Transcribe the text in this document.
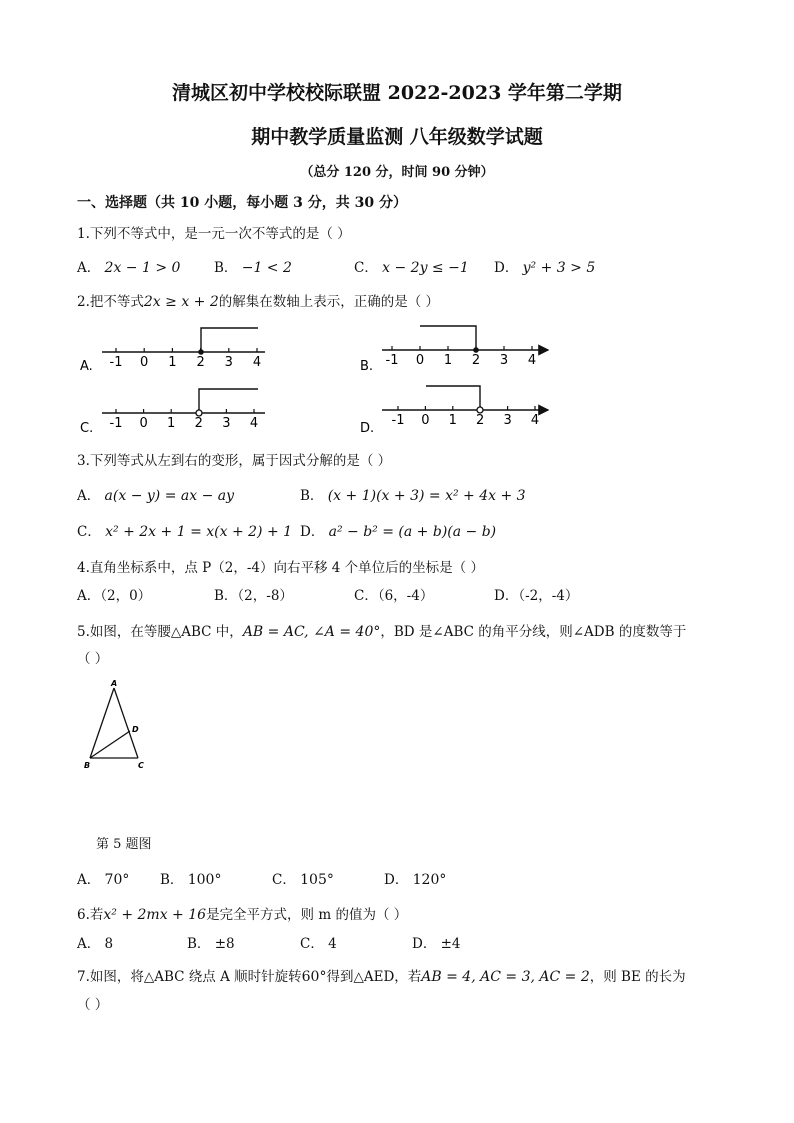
清城区初中学校校际联盟 2022-2023 学年第二学期
期中教学质量监测 八年级数学试题
（总分 120 分，时间 90 分钟）
一、选择题（共 10 小题，每小题 3 分，共 30 分）
1.下列不等式中，是一元一次不等式的是（ ）
A． 2x − 1 > 0 B． −1 < 2	C． x − 2y ≤ −1 D． y² + 3 > 5
2.把不等式2x ≥ x + 2的解集在数轴上表示，正确的是（ ）
A. -1 0 1 2 3 4	B. -1 0 1 2 3 4
C. -1 0 1 2 3 4	D.
-1 0 1 2 3 4
3.下列等式从左到右的变形，属于因式分解的是（ ）
A． a(x − y) = ax − ay	B． (x + 1)(x + 3) = x² + 4x + 3
C． x² + 2x + 1 = x(x + 2) + 1 D． a² − b² = (a + b)(a − b)
4.直角坐标系中，点 P（2，-4）向右平移 4 个单位后的坐标是（ ）
A．（2，0）	B．（2，-8）	C．（6，-4）	D．（-2，-4）
5.如图，在等腰△ABC 中，AB = AC, ∠A = 40°，BD 是∠ABC 的角平分线，则∠ADB 的度数等于
（ ）
A
B	C
D
第 5 题图
A． 70° B． 100°	C． 105°	D． 120°
6.若x² + 2mx + 16是完全平方式，则 m 的值为（ ）
A． 8	B． ±8	C． 4	D． ±4
7.如图，将△ABC 绕点 A 顺时针旋转60°得到△AED，若AB = 4, AC = 3, AC = 2，则 BE 的长为
（ ）
